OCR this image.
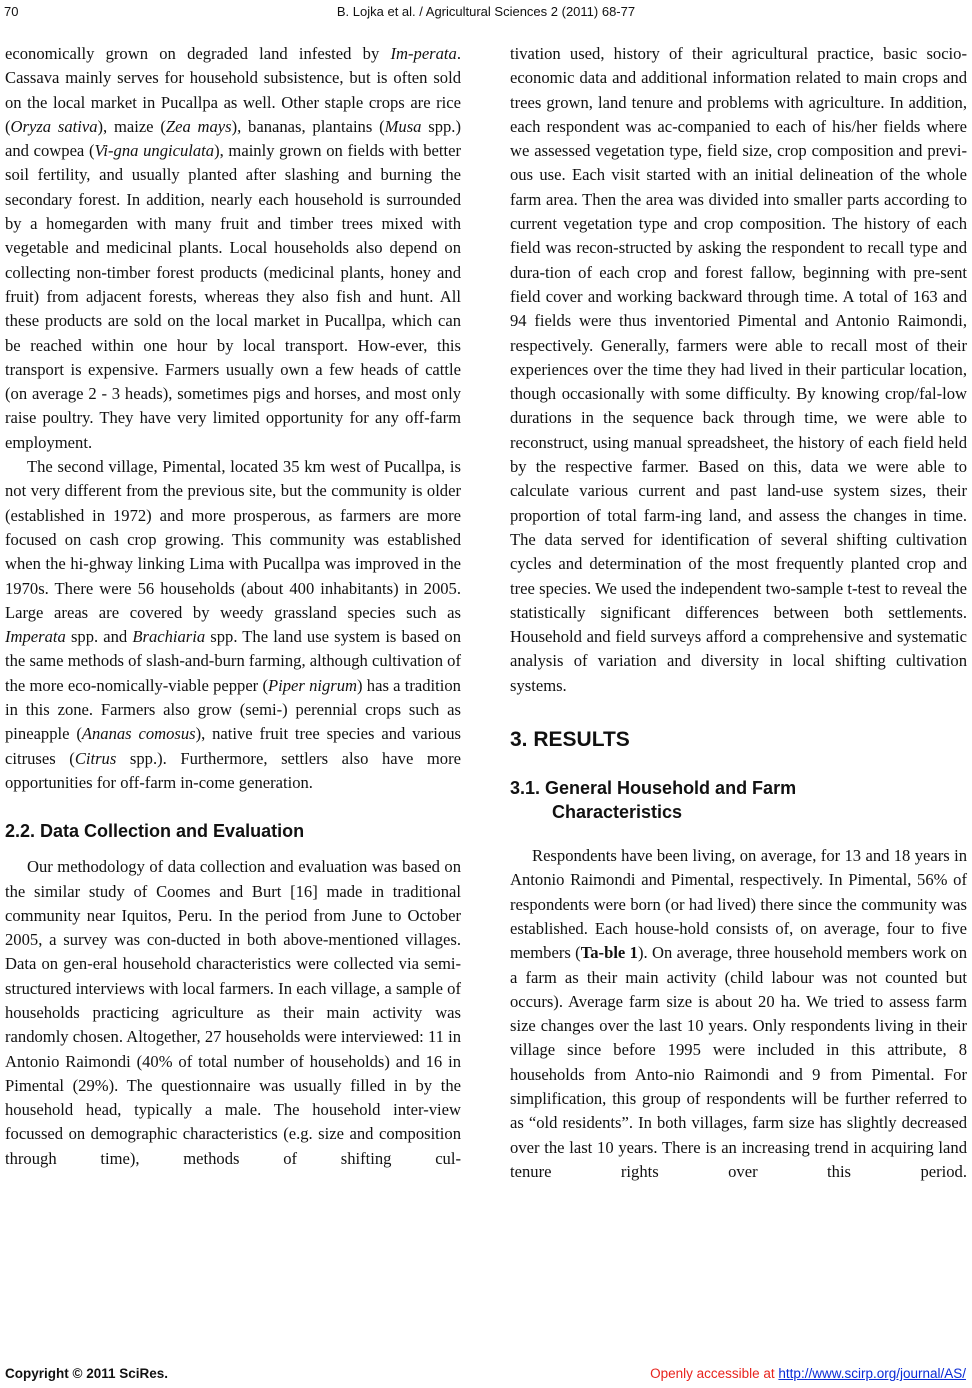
70	B. Lojka et al. / Agricultural Sciences 2 (2011) 68-77

economically grown on degraded land infested by Im-perata. Cassava mainly serves for household subsistence, but is often sold on the local market in Pucallpa as well. Other staple crops are rice (Oryza sativa), maize (Zea mays), bananas, plantains (Musa spp.) and cowpea (Vi-gna ungiculata), mainly grown on fields with better soil fertility, and usually planted after slashing and burning the secondary forest. In addition, nearly each household is surrounded by a homegarden with many fruit and timber trees mixed with vegetable and medicinal plants. Local households also depend on collecting non-timber forest products (medicinal plants, honey and fruit) from adjacent forests, whereas they also fish and hunt. All these products are sold on the local market in Pucallpa, which can be reached within one hour by local transport. How-ever, this transport is expensive. Farmers usually own a few heads of cattle (on average 2 - 3 heads), sometimes pigs and horses, and most only raise poultry. They have very limited opportunity for any off-farm employment.

The second village, Pimental, located 35 km west of Pucallpa, is not very different from the previous site, but the community is older (established in 1972) and more prosperous, as farmers are more focused on cash crop growing. This community was established when the hi-ghway linking Lima with Pucallpa was improved in the 1970s. There were 56 households (about 400 inhabitants) in 2005. Large areas are covered by weedy grassland species such as Imperata spp. and Brachiaria spp. The land use system is based on the same methods of slash-and-burn farming, although cultivation of the more eco-nomically-viable pepper (Piper nigrum) has a tradition in this zone. Farmers also grow (semi-) perennial crops such as pineapple (Ananas comosus), native fruit tree species and various citruses (Citrus spp.). Furthermore, settlers also have more opportunities for off-farm in-come generation.

2.2. Data Collection and Evaluation

Our methodology of data collection and evaluation was based on the similar study of Coomes and Burt [16] made in traditional community near Iquitos, Peru. In the period from June to October 2005, a survey was con-ducted in both above-mentioned villages. Data on gen-eral household characteristics were collected via semi-structured interviews with local farmers. In each village, a sample of households practicing agriculture as their main activity was randomly chosen. Altogether, 27 households were interviewed: 11 in Antonio Raimondi (40% of total number of households) and 16 in Pimental (29%). The questionnaire was usually filled in by the household head, typically a male. The household inter-view focussed on demographic characteristics (e.g. size and composition through time), methods of shifting cul-

tivation used, history of their agricultural practice, basic socio-economic data and additional information related to main crops and trees grown, land tenure and problems with agriculture. In addition, each respondent was ac-companied to each of his/her fields where we assessed vegetation type, field size, crop composition and previ-ous use. Each visit started with an initial delineation of the whole farm area. Then the area was divided into smaller parts according to current vegetation type and crop composition. The history of each field was recon-structed by asking the respondent to recall type and dura-tion of each crop and forest fallow, beginning with pre-sent field cover and working backward through time. A total of 163 and 94 fields were thus inventoried Pimental and Antonio Raimondi, respectively. Generally, farmers were able to recall most of their experiences over the time they had lived in their particular location, though occasionally with some difficulty. By knowing crop/fal-low durations in the sequence back through time, we were able to reconstruct, using manual spreadsheet, the history of each field held by the respective farmer. Based on this, data we were able to calculate various current and past land-use system sizes, their proportion of total farm-ing land, and assess the changes in time. The data served for identification of several shifting cultivation cycles and determination of the most frequently planted crop and tree species. We used the independent two-sample t-test to reveal the statistically significant differences between both settlements. Household and field surveys afford a comprehensive and systematic analysis of variation and diversity in local shifting cultivation systems.

3. RESULTS
3.1. General Household and Farm

Characteristics

Respondents have been living, on average, for 13 and 18 years in Antonio Raimondi and Pimental, respectively. In Pimental, 56% of respondents were born (or had lived) there since the community was established. Each house-hold consists of, on average, four to five members (Ta-ble 1). On average, three household members work on a farm as their main activity (child labour was not counted but occurs). Average farm size is about 20 ha. We tried to assess farm size changes over the last 10 years. Only respondents living in their village since before 1995 were included in this attribute, 8 households from Anto-nio Raimondi and 9 from Pimental. For simplification, this group of respondents will be further referred to as “old residents”. In both villages, farm size has slightly decreased over the last 10 years. There is an increasing trend in acquiring land tenure rights over this period.

Copyright © 2011 SciRes.	Openly accessible at http://www.scirp.org/journal/AS/
